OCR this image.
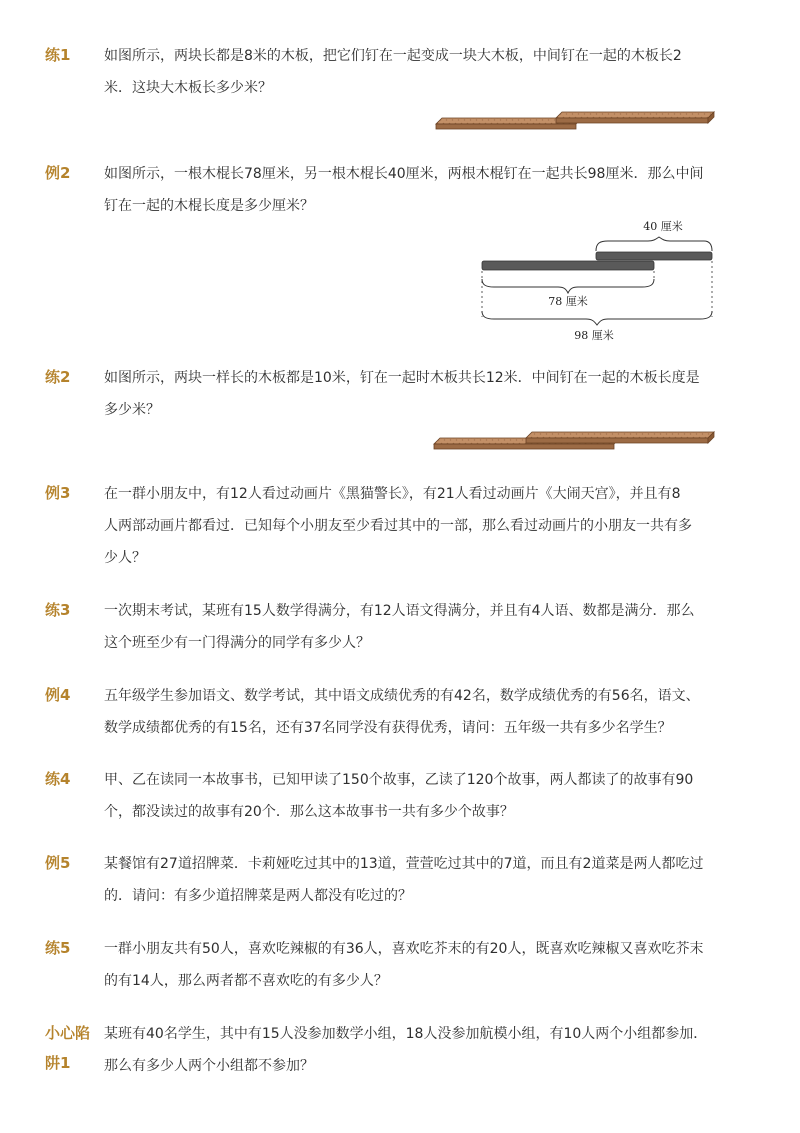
练1	如图所示，两块长都是8米的木板，把它们钉在一起变成一块大木板，中间钉在一起的木板长2
米．这块大木板长多少米？
例2	如图所示，一根木棍长78厘米，另一根木棍长40厘米，两根木棍钉在一起共长98厘米．那么中间
钉在一起的木棍长度是多少厘米？
40 厘米
78 厘米
98 厘米
练2	如图所示，两块一样长的木板都是10米，钉在一起时木板共长12米．中间钉在一起的木板长度是
多少米？
例3	在一群小朋友中，有12人看过动画片《黑猫警长》，有21人看过动画片《大闹天宫》，并且有8
人两部动画片都看过．已知每个小朋友至少看过其中的一部，那么看过动画片的小朋友一共有多
少人？
练3	一次期末考试，某班有15人数学得满分，有12人语文得满分，并且有4人语、数都是满分．那么
这个班至少有一门得满分的同学有多少人？
例4	五年级学生参加语文、数学考试，其中语文成绩优秀的有42名，数学成绩优秀的有56名，语文、
数学成绩都优秀的有15名，还有37名同学没有获得优秀，请问：五年级一共有多少名学生？
练4	甲、乙在读同一本故事书，已知甲读了150个故事，乙读了120个故事，两人都读了的故事有90
个，都没读过的故事有20个．那么这本故事书一共有多少个故事？
例5	某餐馆有27道招牌菜．卡莉娅吃过其中的13道，萱萱吃过其中的7道，而且有2道菜是两人都吃过
的．请问：有多少道招牌菜是两人都没有吃过的？
练5	一群小朋友共有50人，喜欢吃辣椒的有36人，喜欢吃芥末的有20人，既喜欢吃辣椒又喜欢吃芥末
的有14人，那么两者都不喜欢吃的有多少人？
小心陷
阱1
某班有40名学生，其中有15人没参加数学小组，18人没参加航模小组，有10人两个小组都参加．
那么有多少人两个小组都不参加？
